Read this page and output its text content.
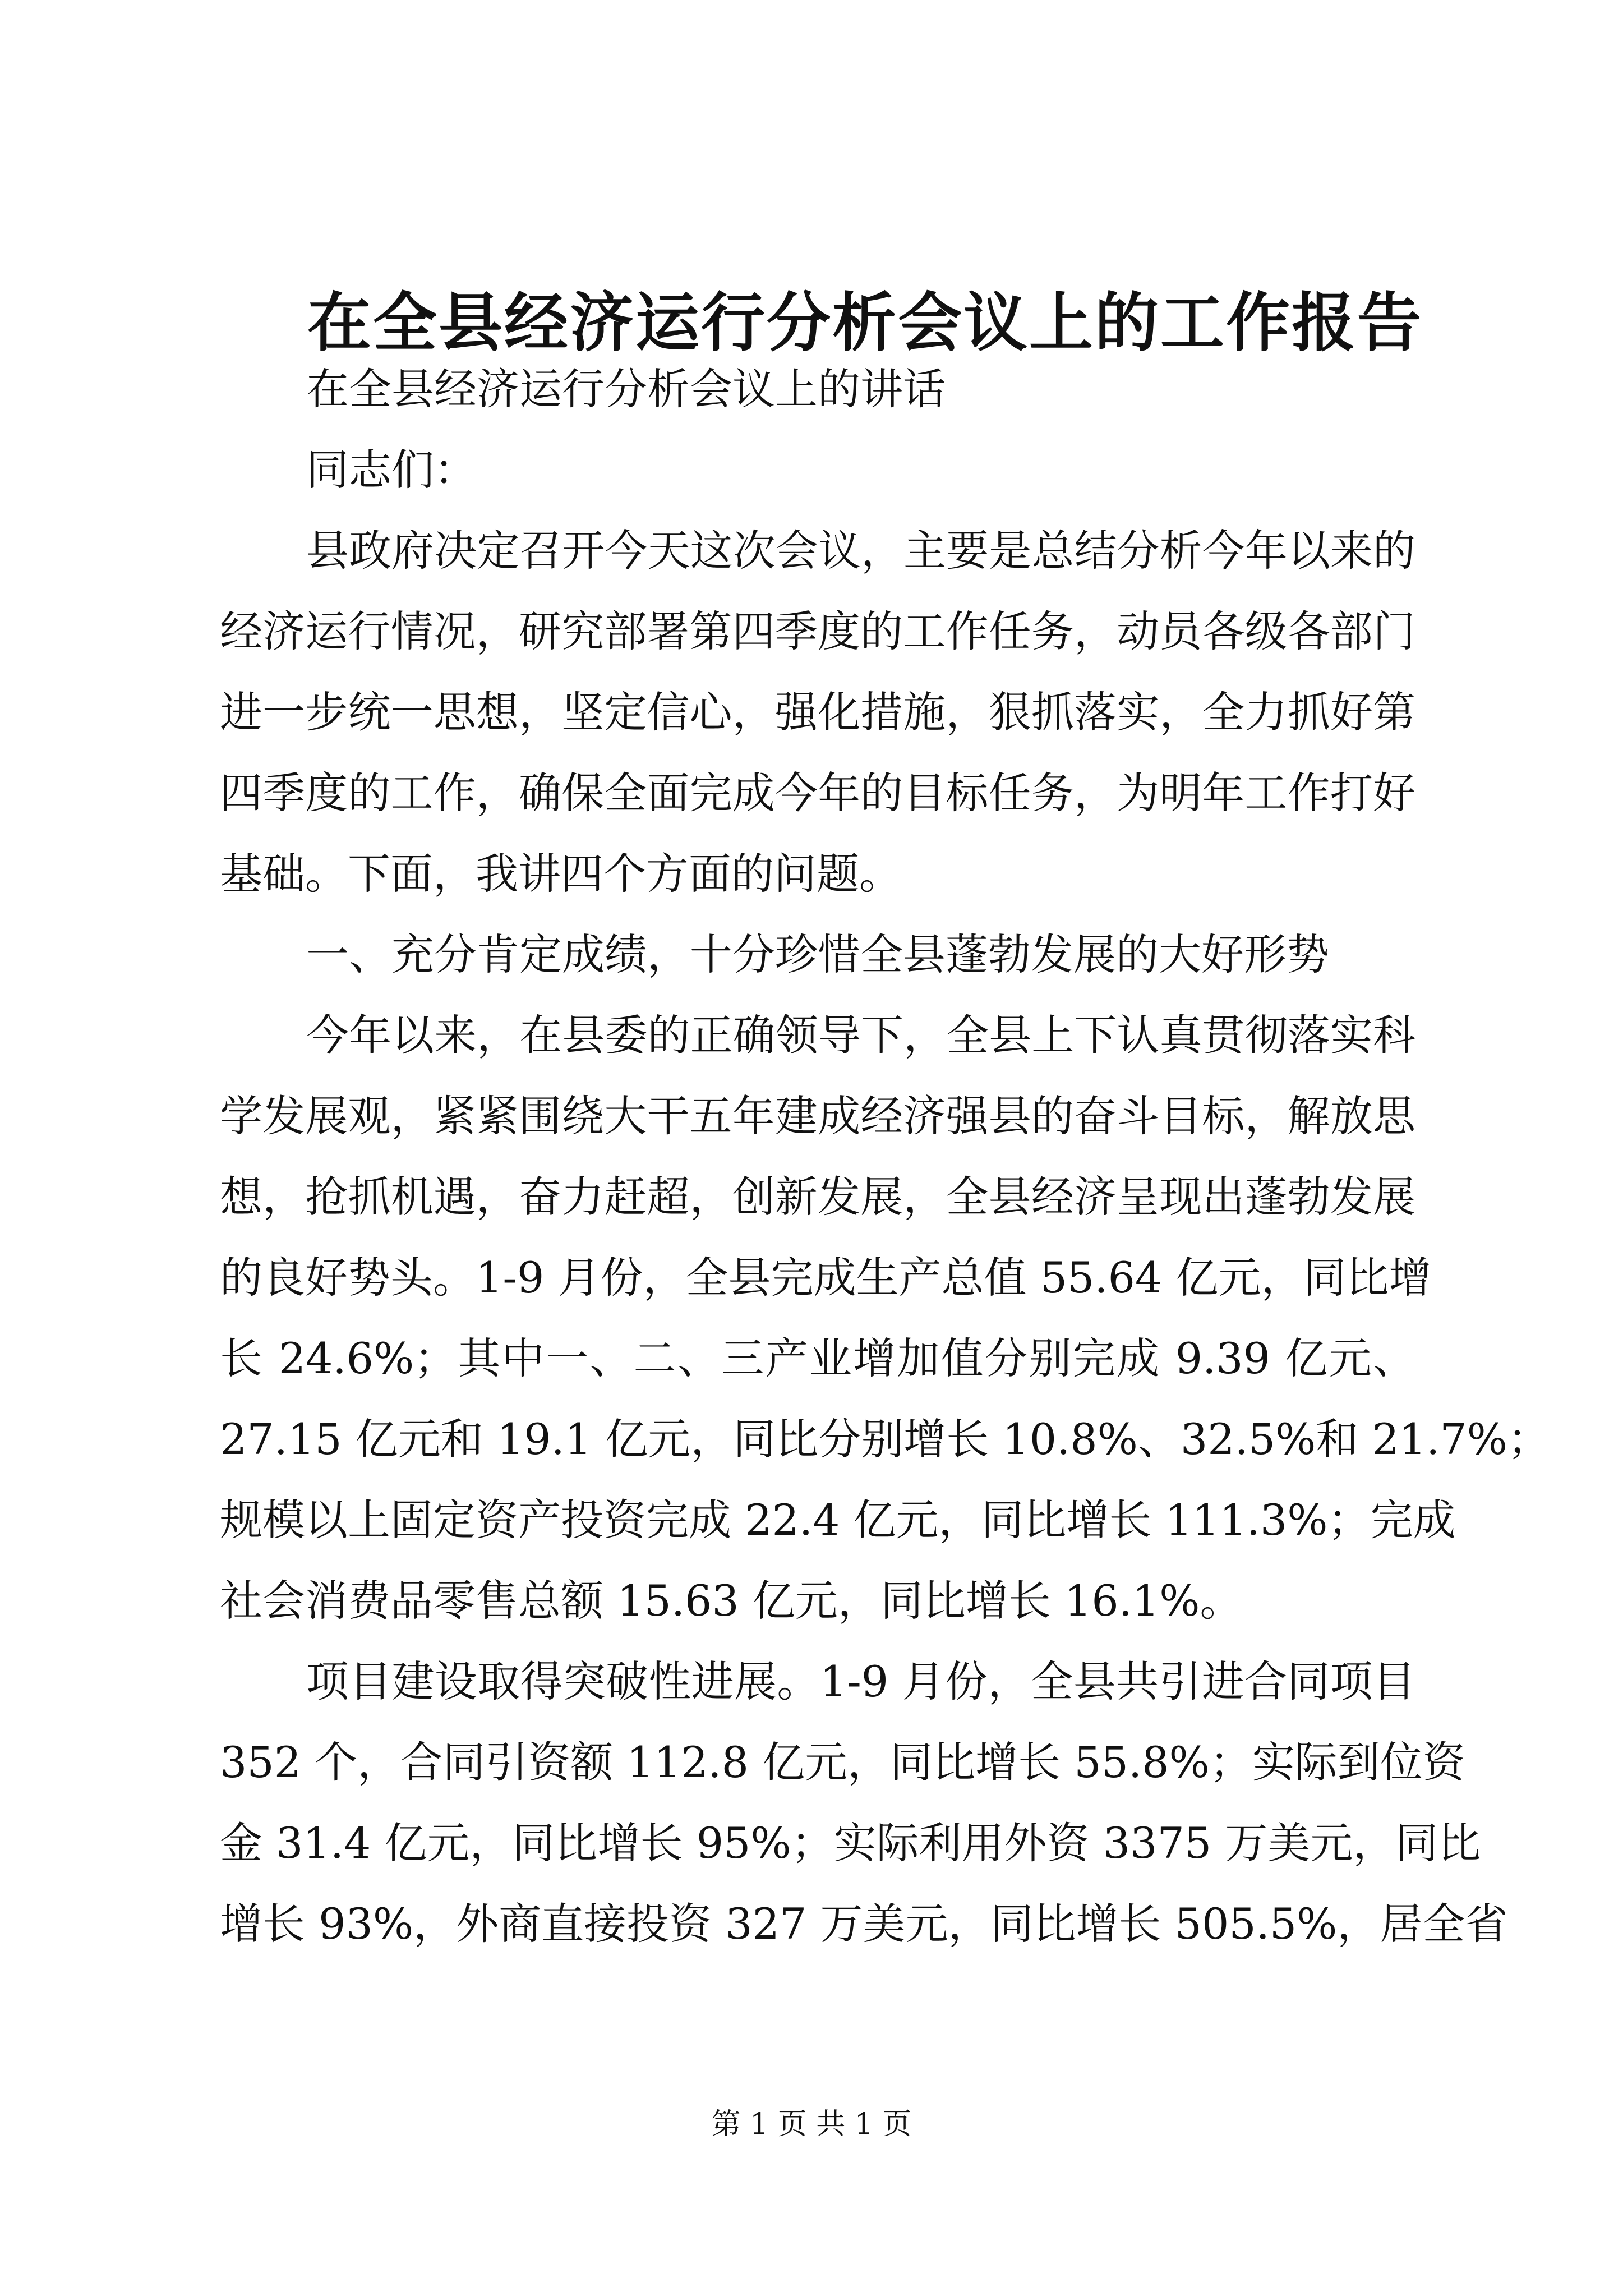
在全县经济运行分析会议上的工作报告
在全县经济运行分析会议上的讲话
同志们：
县政府决定召开今天这次会议，主要是总结分析今年以来的
经济运行情况，研究部署第四季度的工作任务，动员各级各部门
进一步统一思想，坚定信心，强化措施，狠抓落实，全力抓好第
四季度的工作，确保全面完成今年的目标任务，为明年工作打好
基础。下面，我讲四个方面的问题。
一、充分肯定成绩，十分珍惜全县蓬勃发展的大好形势
今年以来，在县委的正确领导下，全县上下认真贯彻落实科
学发展观，紧紧围绕大干五年建成经济强县的奋斗目标，解放思
想，抢抓机遇，奋力赶超，创新发展，全县经济呈现出蓬勃发展
的良好势头。1-9 月份，全县完成生产总值 55.64 亿元，同比增
长 24.6%；其中一、二、三产业增加值分别完成 9.39 亿元、
27.15 亿元和 19.1 亿元，同比分别增长 10.8%、32.5%和 21.7%；
规模以上固定资产投资完成 22.4 亿元，同比增长 111.3%；完成
社会消费品零售总额 15.63 亿元，同比增长 16.1%。
项目建设取得突破性进展。1-9 月份，全县共引进合同项目
352 个，合同引资额 112.8 亿元，同比增长 55.8%；实际到位资
金 31.4 亿元，同比增长 95%；实际利用外资 3375 万美元，同比
增长 93%，外商直接投资 327 万美元，同比增长 505.5%，居全省
第 1 页 共 1 页
